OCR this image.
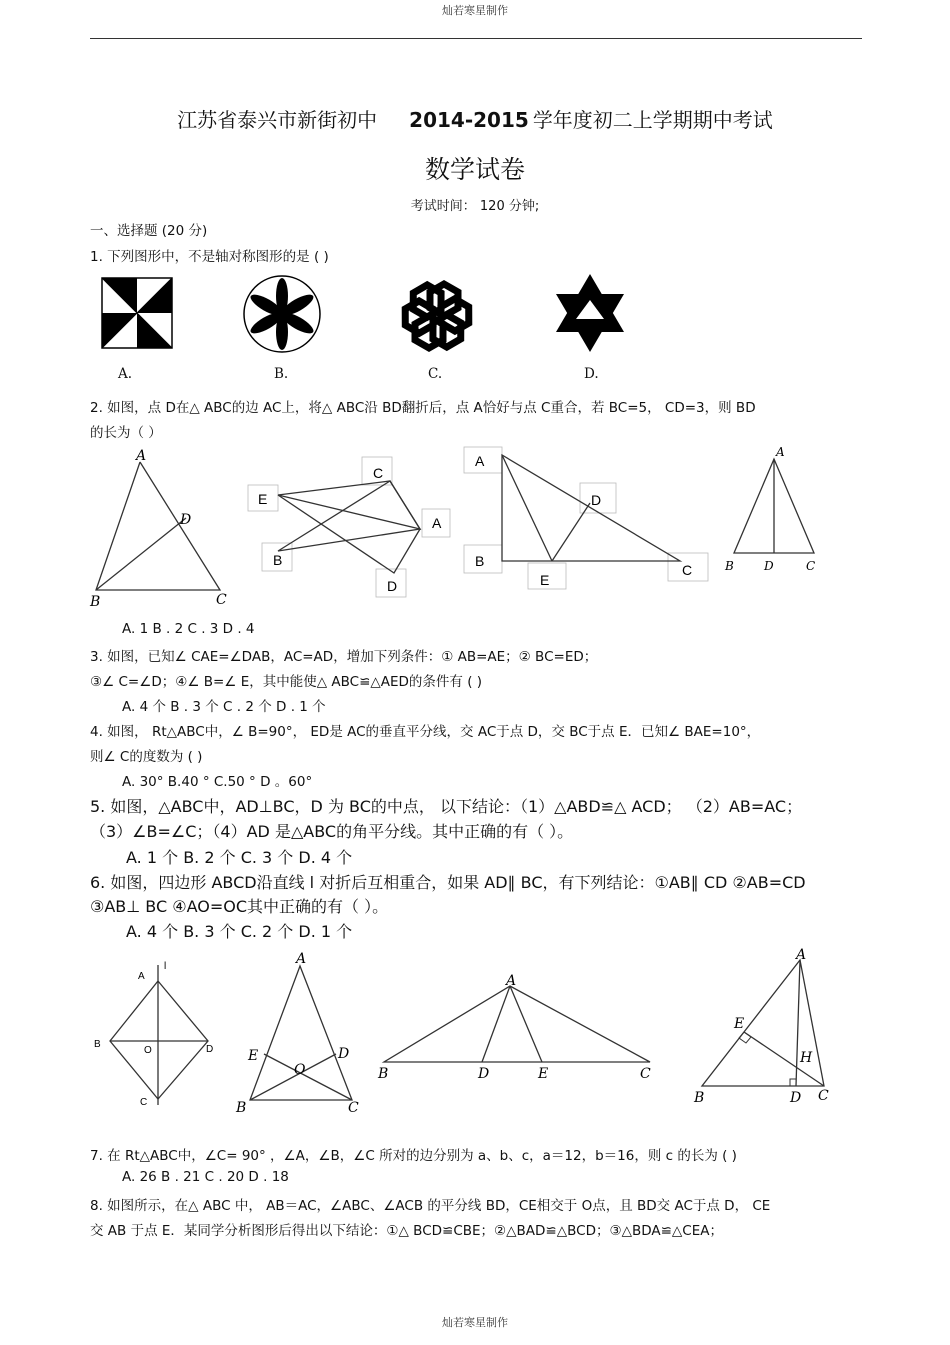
灿若寒星制作
江苏省泰兴市新街初中 2014-2015 学年度初二上学期期中考试
数学试卷
考试时间： 120 分钟;
一、选择题 (20 分)
1. 下列图形中，不是轴对称图形的是 ( )
A.	B.	C.	D.
2. 如图，点 D在△ ABC的边 AC上，将△ ABC沿 BD翻折后，点 A恰好与点 C重合，若 BC=5， CD=3，则 BD
的长为（ ）
A
D
B	C
C
E
A
B
D
A
D
B
E
C
A
B	D	C
A. 1 B . 2 C . 3 D . 4
3. 如图，已知∠ CAE=∠DAB，AC=AD，增加下列条件：① AB=AE；② BC=ED；
③∠ C=∠D；④∠ B=∠ E，其中能使△ ABC≌△AED的条件有 ( )
A. 4 个 B . 3 个 C . 2 个 D . 1 个
4. 如图， Rt△ABC中，∠ B=90°， ED是 AC的垂直平分线，交 AC于点 D，交 BC于点 E．已知∠ BAE=10°，
则∠ C的度数为 ( )
A. 30° B.40 ° C.50 ° D 。60°
5. 如图，△ABC中，AD⊥BC，D 为 BC的中点， 以下结论：（1）△ABD≌△ ACD； （2）AB=AC；
（3）∠B=∠C；（4）AD 是△ABC的角平分线。其中正确的有（ ）。
A. 1 个 B. 2 个 C. 3 个 D. 4 个
6. 如图，四边形 ABCD沿直线 l 对折后互相重合，如果 AD∥ BC，有下列结论：①AB∥ CD ②AB=CD
③AB⊥ BC ④AO=OC其中正确的有（ ）。
A. 4 个 B. 3 个 C. 2 个 D. 1 个
A
l
B
O	D
C
A
E	D
O
B	C
A
B	D	E	C
A
E
H
B	D C
7. 在 Rt△ABC中，∠C= 90° ，∠A，∠B，∠C 所对的边分别为 a、b、c，a＝12，b＝16，则 c 的长为 ( )
A. 26 B . 21 C . 20 D . 18
8. 如图所示，在△ ABC 中， AB＝AC，∠ABC、∠ACB 的平分线 BD，CE相交于 O点，且 BD交 AC于点 D， CE
交 AB 于点 E．某同学分析图形后得出以下结论：①△ BCD≌CBE；②△BAD≌△BCD；③△BDA≌△CEA；
灿若寒星制作
